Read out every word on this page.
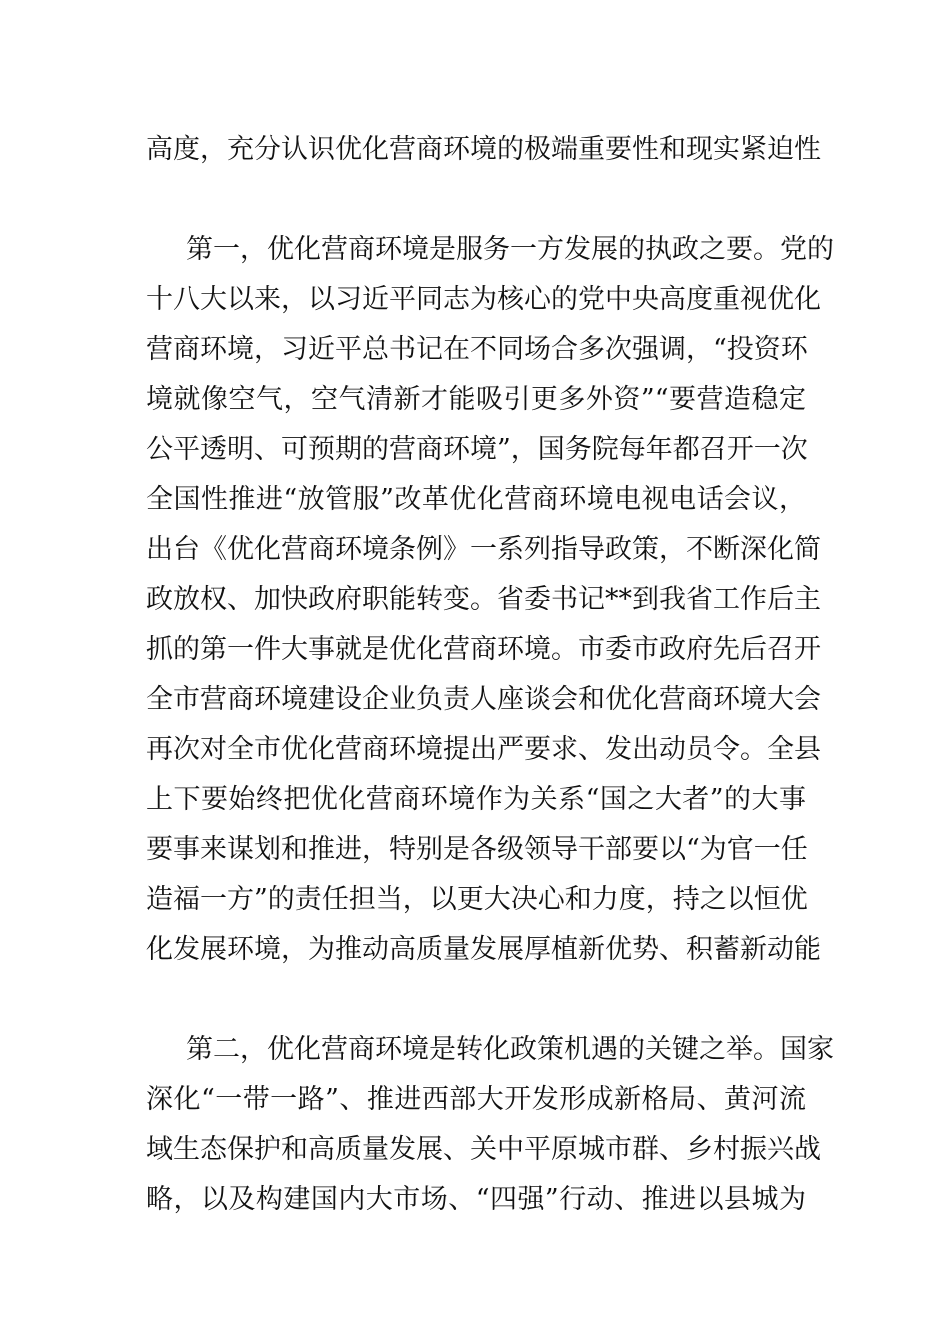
高度，充分认识优化营商环境的极端重要性和现实紧迫性
第一，优化营商环境是服务一方发展的执政之要。党的
十八大以来，以习近平同志为核心的党中央高度重视优化
营商环境，习近平总书记在不同场合多次强调，“投资环
境就像空气，空气清新才能吸引更多外资”“要营造稳定
公平透明、可预期的营商环境”，国务院每年都召开一次
全国性推进“放管服”改革优化营商环境电视电话会议，
出台《优化营商环境条例》一系列指导政策，不断深化简
政放权、加快政府职能转变。省委书记**到我省工作后主
抓的第一件大事就是优化营商环境。市委市政府先后召开
全市营商环境建设企业负责人座谈会和优化营商环境大会
再次对全市优化营商环境提出严要求、发出动员令。全县
上下要始终把优化营商环境作为关系“国之大者”的大事
要事来谋划和推进，特别是各级领导干部要以“为官一任
造福一方”的责任担当，以更大决心和力度，持之以恒优
化发展环境，为推动高质量发展厚植新优势、积蓄新动能
第二，优化营商环境是转化政策机遇的关键之举。国家
深化“一带一路”、推进西部大开发形成新格局、黄河流
域生态保护和高质量发展、关中平原城市群、乡村振兴战
略，以及构建国内大市场、“四强”行动、推进以县城为
